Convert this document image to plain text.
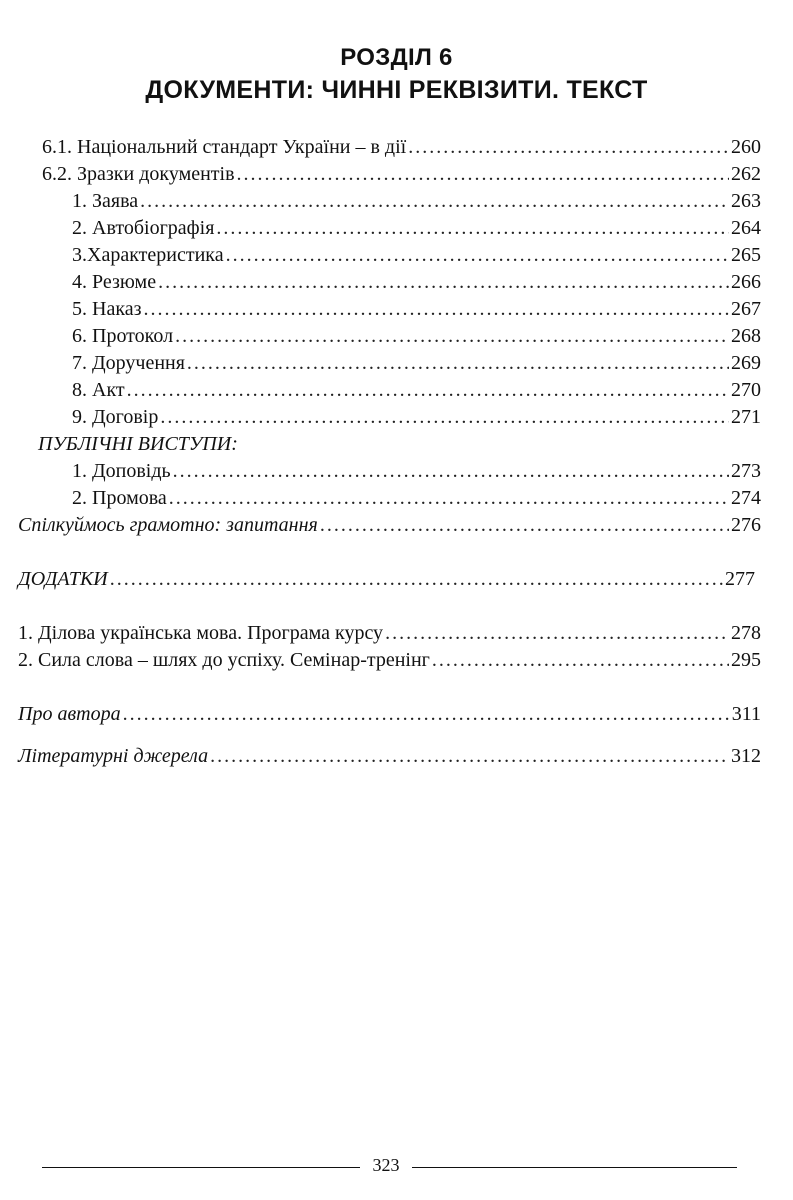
РОЗДІЛ 6
ДОКУМЕНТИ: ЧИННІ РЕКВІЗИТИ. ТЕКСТ
6.1. Національний стандарт України – в дії .....	260
6.2. Зразки документів .....	262
1. Заява .....	263
2. Автобіографія .....	264
3.Характеристика .....	265
4. Резюме .....	266
5. Наказ .....	267
6. Протокол .....	268
7. Доручення .....	269
8. Акт .....	270
9. Договір .....	271
ПУБЛІЧНІ ВИСТУПИ:
1. Доповідь .....	273
2. Промова .....	274
Спілкуймось грамотно: запитання .....	276
ДОДАТКИ .....	277
1. Ділова українська мова. Програма курсу .....	278
2. Сила слова – шлях до успіху. Семінар-тренінг .....	295
Про автора .....	311
Літературні джерела .....	312
323
